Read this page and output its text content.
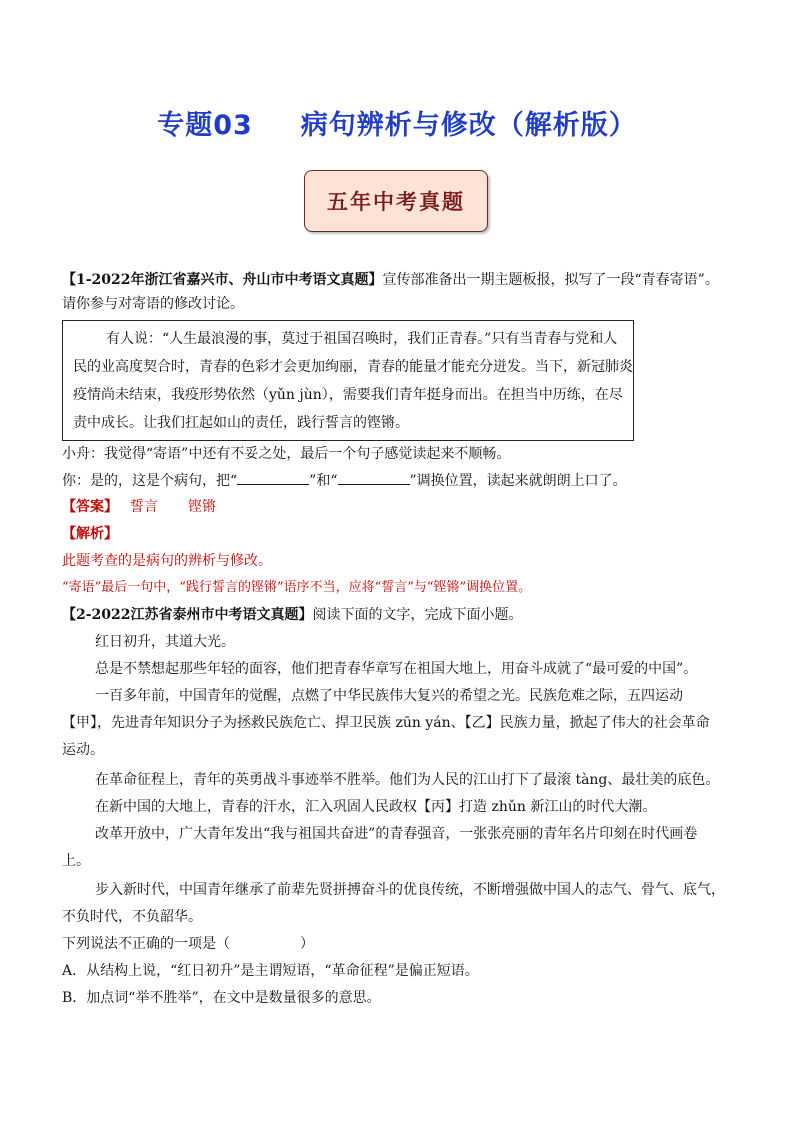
专题03 病句辨析与修改（解析版）
五年中考真题
【1-2022年浙江省嘉兴市、舟山市中考语文真题】宣传部准备出一期主题板报，拟写了一段“青春寄语”。
请你参与对寄语的修改讨论。
有人说：“人生最浪漫的事，莫过于祖国召唤时，我们正青春。”只有当青春与党和人
民的业高度契合时，青春的色彩才会更加绚丽，青春的能量才能充分迸发。当下，新冠肺炎
疫情尚未结束，我疫形势依然（yǔn jùn），需要我们青年挺身而出。在担当中历练，在尽
责中成长。让我们扛起如山的责任，践行誓言的铿锵。
小舟：我觉得“寄语”中还有不妥之处，最后一个句子感觉读起来不顺畅。
你：是的，这是个病句，把“	”和“	”调换位置，读起来就朗朗上口了。
【答案】 誓言 铿锵
【解析】
此题考查的是病句的辨析与修改。
“寄语”最后一句中，“践行誓言的铿锵”语序不当，应将“誓言”与“铿锵”调换位置。
【2-2022江苏省泰州市中考语文真题】阅读下面的文字，完成下面小题。
红日初升，其道大光。
总是不禁想起那些年轻的面容，他们把青春华章写在祖国大地上，用奋斗成就了“最可爱的中国”。
一百多年前，中国青年的觉醒，点燃了中华民族伟大复兴的希望之光。民族危难之际，五四运动
【甲】，先进青年知识分子为拯救民族危亡、捍卫民族 zūn yán、【乙】民族力量，掀起了伟大的社会革命
运动。
在革命征程上，青年的英勇战斗事迹举不胜举。他们为人民的江山打下了最滚 tàng、最壮美的底色。
在新中国的大地上，青春的汗水，汇入巩固人民政权【丙】打造 zhǔn 新江山的时代大潮。
改革开放中，广大青年发出“我与祖国共奋进”的青春强音，一张张亮丽的青年名片印刻在时代画卷
上。
步入新时代，中国青年继承了前辈先贤拼搏奋斗的优良传统，不断增强做中国人的志气、骨气、底气，
不负时代，不负韶华。
下列说法不正确的一项是（	）
A．从结构上说，“红日初升”是主谓短语，“革命征程”是偏正短语。
B．加点词“举不胜举”，在文中是数量很多的意思。
